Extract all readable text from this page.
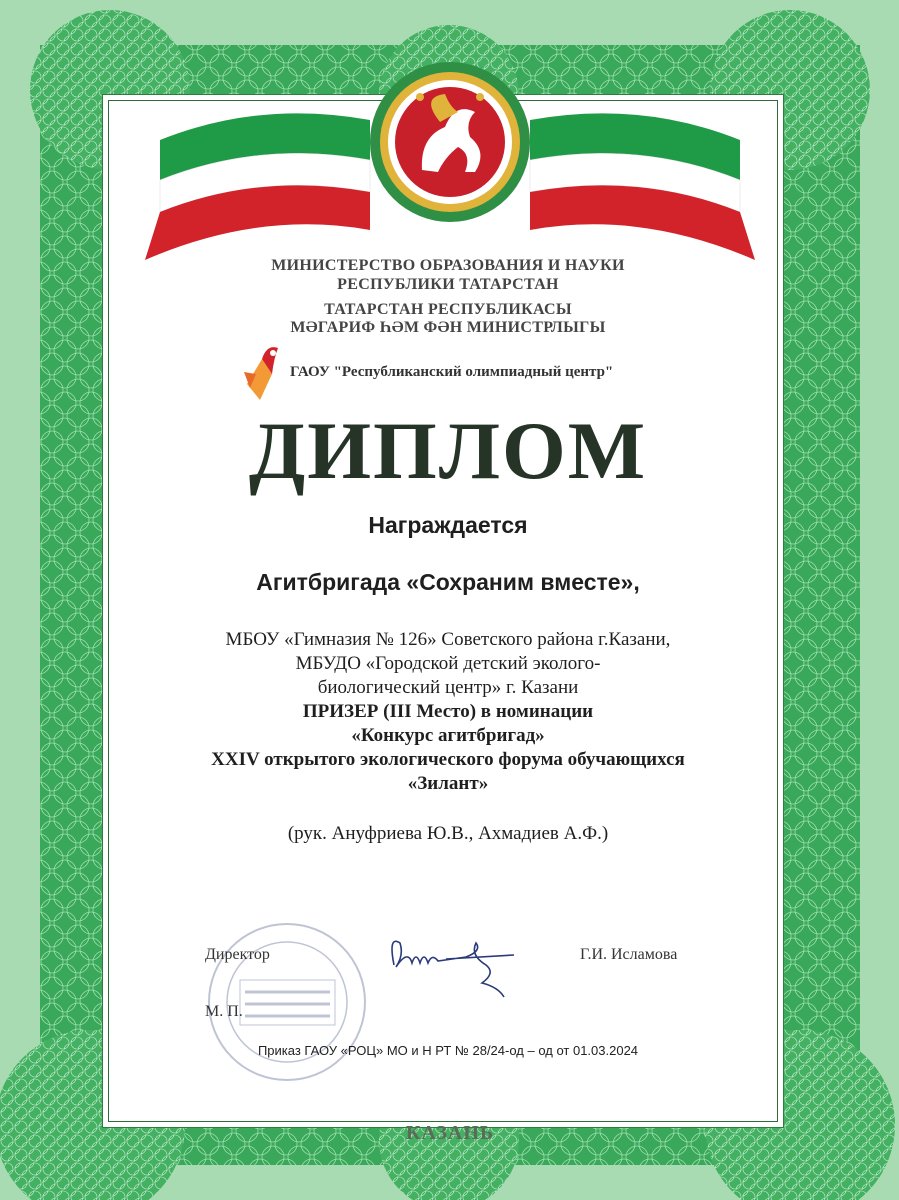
МИНИСТЕРСТВО ОБРАЗОВАНИЯ И НАУКИ
РЕСПУБЛИКИ ТАТАРСТАН
ТАТАРСТАН РЕСПУБЛИКАСЫ
МӘГАРИФ ҺӘМ ФӘН МИНИСТРЛЫГЫ
ГАОУ "Республиканский олимпиадный центр"
ДИПЛОМ
Награждается
Агитбригада «Сохраним вместе»,
МБОУ «Гимназия № 126» Советского района г.Казани,
МБУДО «Городской детский эколого-
биологический центр» г. Казани
ПРИЗЕР (III Место) в номинации
«Конкурс агитбригад»
XXIV открытого экологического форума обучающихся
«Зилант»
(рук. Ануфриева Ю.В., Ахмадиев А.Ф.)
Директор	Г.И. Исламова
М. П.
Приказ ГАОУ «РОЦ» МО и Н РТ № 28/24-од – од от 01.03.2024
КАЗАНЬ
